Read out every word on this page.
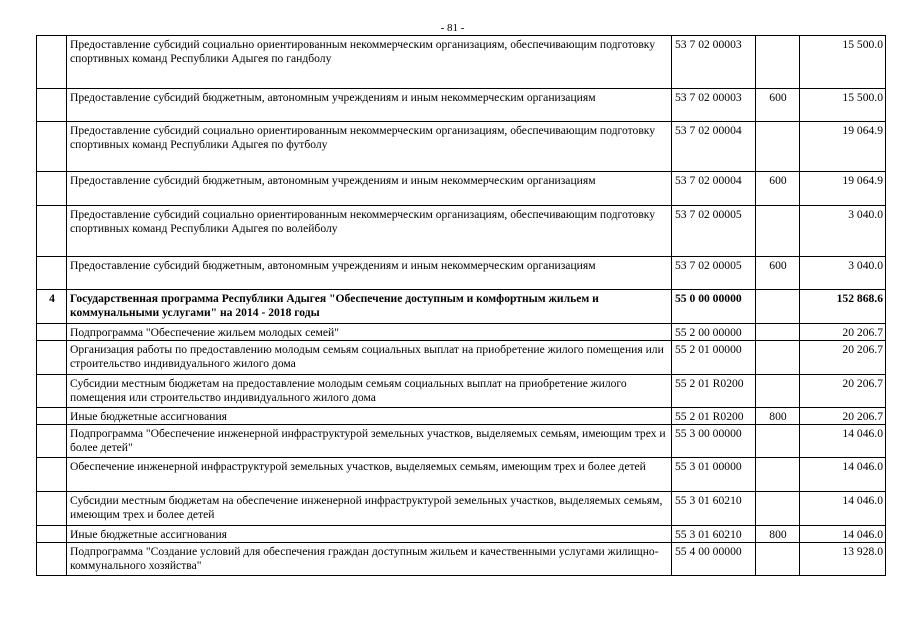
- 81 -
	Предоставление субсидий социально ориентированным некоммерческим организациям, обеспечивающим подготовку спортивных команд Республики Адыгея по гандболу	53 7 02 00003		15 500.0
	Предоставление субсидий бюджетным, автономным учреждениям и иным некоммерческим организациям	53 7 02 00003	600	15 500.0
	Предоставление субсидий социально ориентированным некоммерческим организациям, обеспечивающим подготовку спортивных команд Республики Адыгея по футболу	53 7 02 00004		19 064.9
	Предоставление субсидий бюджетным, автономным учреждениям и иным некоммерческим организациям	53 7 02 00004	600	19 064.9
	Предоставление субсидий социально ориентированным некоммерческим организациям, обеспечивающим подготовку спортивных команд Республики Адыгея по волейболу	53 7 02 00005		3 040.0
	Предоставление субсидий бюджетным, автономным учреждениям и иным некоммерческим организациям	53 7 02 00005	600	3 040.0
4	Государственная программа Республики Адыгея "Обеспечение доступным и комфортным жильем и коммунальными услугами" на 2014 - 2018 годы	55 0 00 00000		152 868.6
	Подпрограмма "Обеспечение жильем молодых семей"	55 2 00 00000		20 206.7
	Организация работы по предоставлению молодым семьям социальных выплат на приобретение жилого помещения или строительство индивидуального жилого дома	55 2 01 00000		20 206.7
	Субсидии местным бюджетам на предоставление молодым семьям социальных выплат на приобретение жилого помещения или строительство индивидуального жилого дома	55 2 01 R0200		20 206.7
	Иные бюджетные ассигнования	55 2 01 R0200	800	20 206.7
	Подпрограмма "Обеспечение инженерной инфраструктурой земельных участков, выделяемых семьям, имеющим трех и более детей"	55 3 00 00000		14 046.0
	Обеспечение инженерной инфраструктурой земельных участков, выделяемых семьям, имеющим трех и более детей	55 3 01 00000		14 046.0
	Субсидии местным бюджетам на обеспечение инженерной инфраструктурой земельных участков, выделяемых семьям, имеющим трех и более детей	55 3 01 60210		14 046.0
	Иные бюджетные ассигнования	55 3 01 60210	800	14 046.0
	Подпрограмма "Создание условий для обеспечения граждан доступным жильем и качественными услугами жилищно-коммунального хозяйства"	55 4 00 00000		13 928.0
